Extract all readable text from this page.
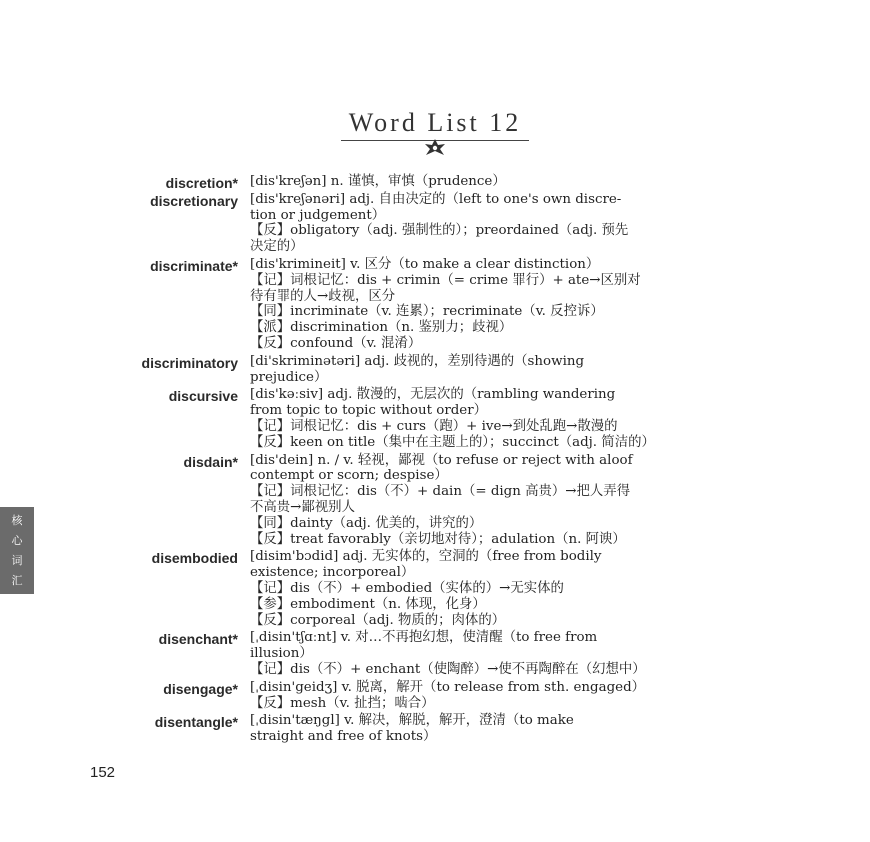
Word List 12
discretion* [dis'kreʃən] n. 谨慎，审慎（prudence）
discretionary [dis'kreʃənəri] adj. 自由决定的（left to one's own discre-
tion or judgement）
【反】obligatory（adj. 强制性的）；preordained（adj. 预先
决定的）
discriminate* [dis'krimineit] v. 区分（to make a clear distinction）
【记】词根记忆：dis + crimin（= crime 罪行）+ ate→区别对
待有罪的人→歧视，区分
【同】incriminate（v. 连累）；recriminate（v. 反控诉）
【派】discrimination（n. 鉴别力；歧视）
【反】confound（v. 混淆）
discriminatory [di'skriminətəri] adj. 歧视的，差别待遇的（showing
prejudice）
discursive [dis'kəːsiv] adj. 散漫的，无层次的（rambling wandering
from topic to topic without order）
【记】词根记忆：dis + curs（跑）+ ive→到处乱跑→散漫的
【反】keen on title（集中在主题上的）；succinct（adj. 简洁的）
disdain* [dis'dein] n. / v. 轻视，鄙视（to refuse or reject with aloof
contempt or scorn; despise）
【记】词根记忆：dis（不）+ dain（= dign 高贵）→把人弄得
不高贵→鄙视别人
【同】dainty（adj. 优美的，讲究的）
【反】treat favorably（亲切地对待）；adulation（n. 阿谀）
disembodied [disim'bɔdid] adj. 无实体的，空洞的（free from bodily
existence; incorporeal）
【记】dis（不）+ embodied（实体的）→无实体的
【参】embodiment（n. 体现，化身）
【反】corporeal（adj. 物质的；肉体的）
disenchant* [ˌdisin'tʃɑːnt] v. 对…不再抱幻想，使清醒（to free from
illusion）
【记】dis（不）+ enchant（使陶醉）→使不再陶醉在（幻想中）
disengage* [ˌdisin'geidʒ] v. 脱离，解开（to release from sth. engaged）
【反】mesh（v. 扯挡；啮合）
disentangle* [ˌdisin'tæŋgl] v. 解决，解脱，解开，澄清（to make
straight and free of knots）
核
心
词
汇
152
